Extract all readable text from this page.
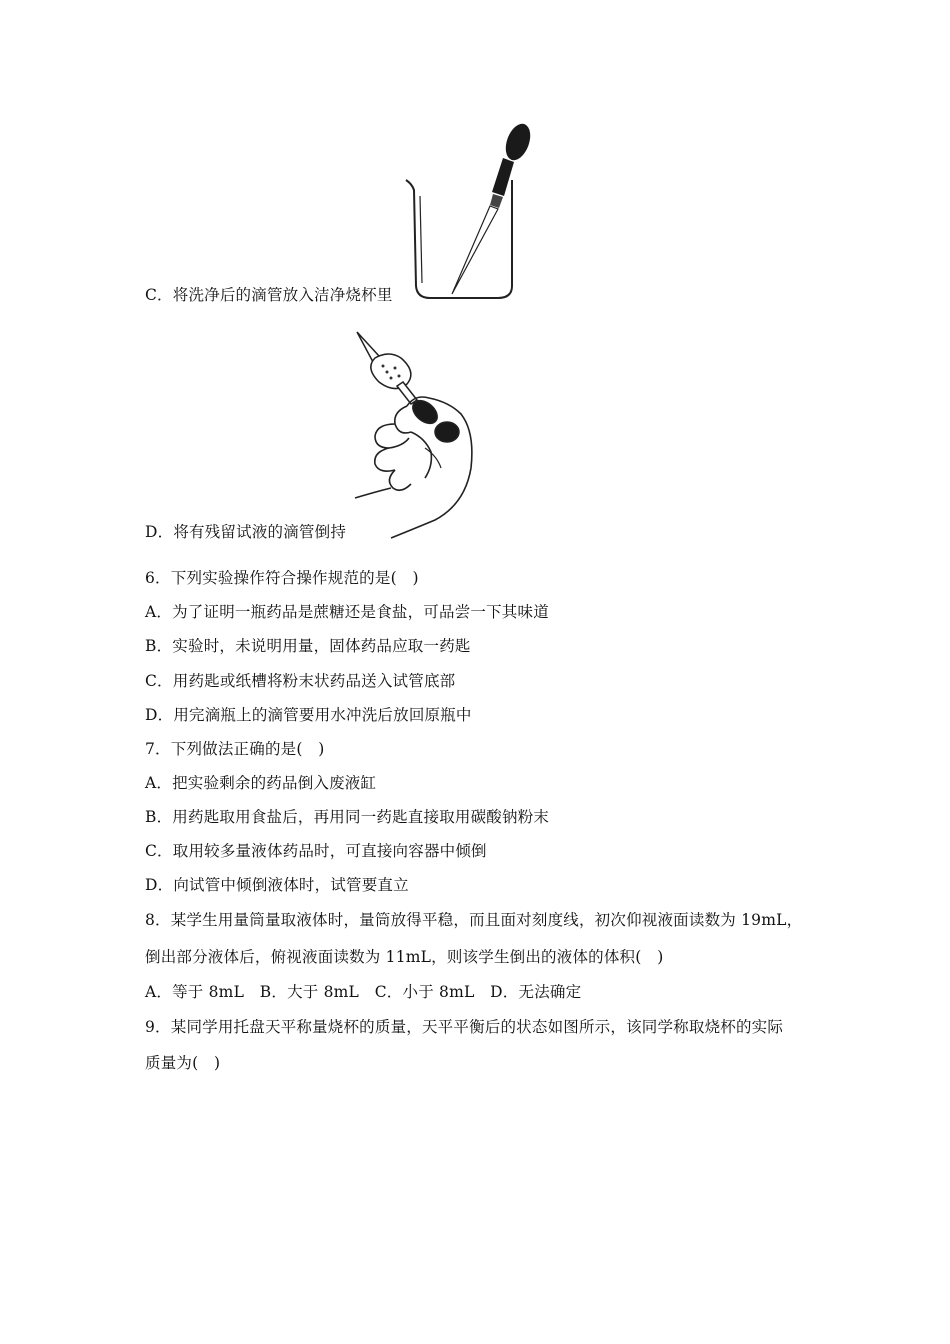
C．将洗净后的滴管放入洁净烧杯里
D．将有残留试液的滴管倒持
6．下列实验操作符合操作规范的是(　)
A．为了证明一瓶药品是蔗糖还是食盐，可品尝一下其味道
B．实验时，未说明用量，固体药品应取一药匙
C．用药匙或纸槽将粉末状药品送入试管底部
D．用完滴瓶上的滴管要用水冲洗后放回原瓶中
7．下列做法正确的是(　)
A．把实验剩余的药品倒入废液缸
B．用药匙取用食盐后，再用同一药匙直接取用碳酸钠粉末
C．取用较多量液体药品时，可直接向容器中倾倒
D．向试管中倾倒液体时，试管要直立
8．某学生用量筒量取液体时，量筒放得平稳，而且面对刻度线，初次仰视液面读数为 19mL，
倒出部分液体后，俯视液面读数为 11mL，则该学生倒出的液体的体积(　)
A．等于 8mL　B．大于 8mL　C．小于 8mL　D．无法确定
9．某同学用托盘天平称量烧杯的质量，天平平衡后的状态如图所示，该同学称取烧杯的实际
质量为(　)
